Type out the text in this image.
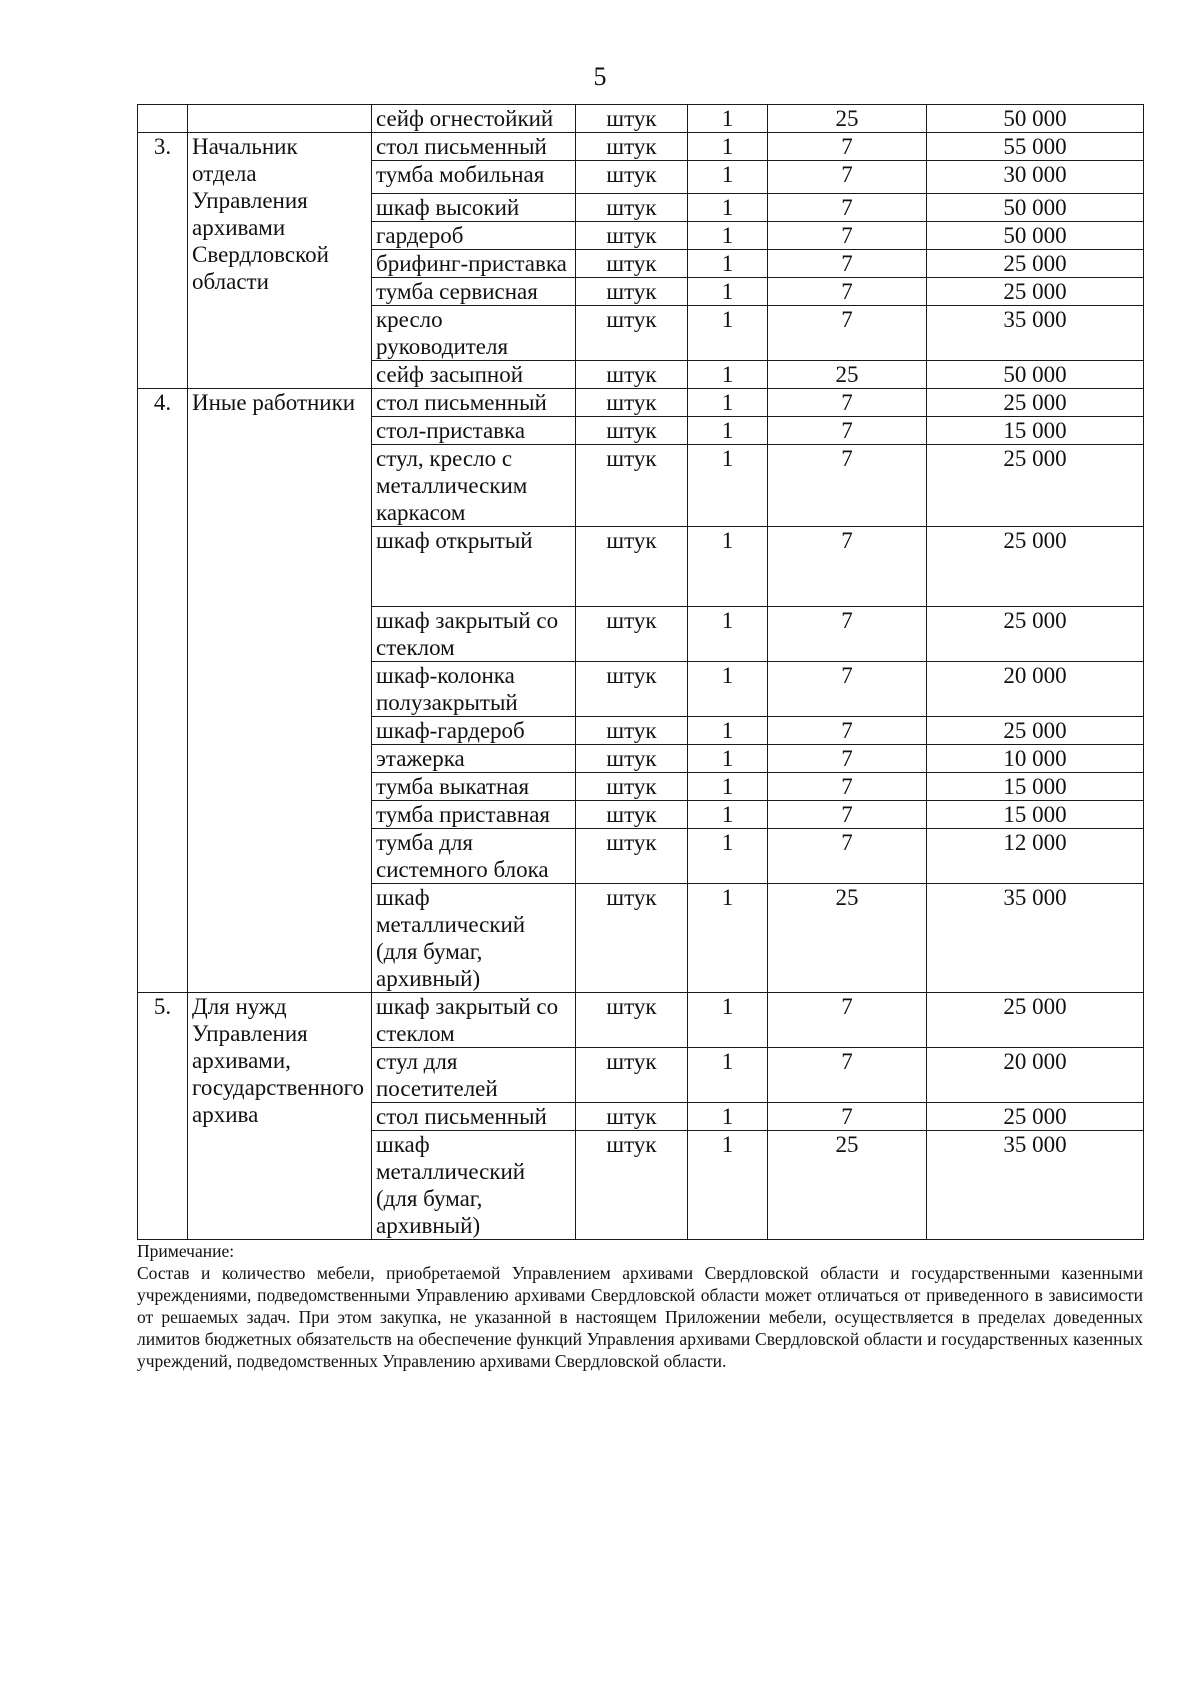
5
		сейф огнестойкий	штук	1	25	50 000
3.	Начальник отдела Управления архивами Свердловской области	стол письменный	штук	1	7	55 000
		тумба мобильная	штук	1	7	30 000
		шкаф высокий	штук	1	7	50 000
		гардероб	штук	1	7	50 000
		брифинг-приставка	штук	1	7	25 000
		тумба сервисная	штук	1	7	25 000
		кресло руководителя	штук	1	7	35 000
		сейф засыпной	штук	1	25	50 000
4.	Иные работники	стол письменный	штук	1	7	25 000
		стол-приставка	штук	1	7	15 000
		стул, кресло с металлическим каркасом	штук	1	7	25 000
		шкаф открытый	штук	1	7	25 000
		шкаф закрытый со стеклом	штук	1	7	25 000
		шкаф-колонка полузакрытый	штук	1	7	20 000
		шкаф-гардероб	штук	1	7	25 000
		этажерка	штук	1	7	10 000
		тумба выкатная	штук	1	7	15 000
		тумба приставная	штук	1	7	15 000
		тумба для системного блока	штук	1	7	12 000
		шкаф металлический (для бумаг, архивный)	штук	1	25	35 000
5.	Для нужд Управления архивами, государственного архива	шкаф закрытый со стеклом	штук	1	7	25 000
		стул для посетителей	штук	1	7	20 000
		стол письменный	штук	1	7	25 000
		шкаф металлический (для бумаг, архивный)	штук	1	25	35 000

Примечание:

Состав и количество мебели, приобретаемой Управлением архивами Свердловской области и государственными казенными учреждениями, подведомственными Управлению архивами Свердловской области может отличаться от приведенного в зависимости от решаемых задач. При этом закупка, не указанной в настоящем Приложении мебели, осуществляется в пределах доведенных лимитов бюджетных обязательств на обеспечение функций Управления архивами Свердловской области и государственных казенных учреждений, подведомственных Управлению архивами Свердловской области.
